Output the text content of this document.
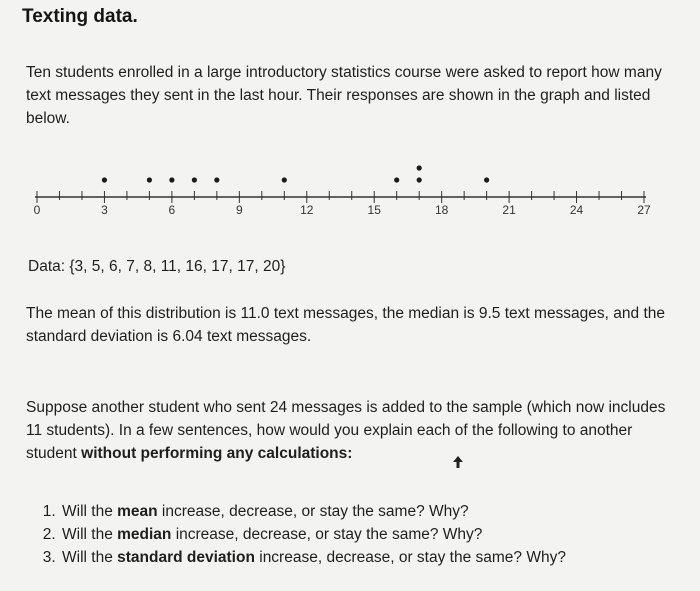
Texting data.
Ten students enrolled in a large introductory statistics course were asked to report how many text messages they sent in the last hour. Their responses are shown in the graph and listed below.
0	3	6	9	12	15	18	21	24	27
Data: {3, 5, 6, 7, 8, 11, 16, 17, 17, 20}
The mean of this distribution is 11.0 text messages, the median is 9.5 text messages, and the standard deviation is 6.04 text messages.
Suppose another student who sent 24 messages is added to the sample (which now includes 11 students). In a few sentences, how would you explain each of the following to another student without performing any calculations:
1. Will the mean increase, decrease, or stay the same? Why?
2. Will the median increase, decrease, or stay the same? Why?
3. Will the standard deviation increase, decrease, or stay the same? Why?
